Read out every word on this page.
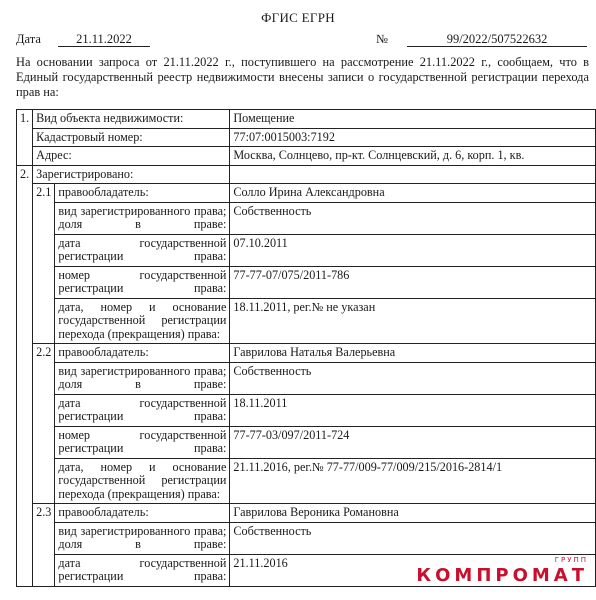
ФГИС ЕГРН
Дата	21.11.2022	№	99/2022/507522632
На основании запроса от 21.11.2022 г., поступившего на рассмотрение 21.11.2022 г., сообщаем, что в Единый государственный реестр недвижимости внесены записи о государственной регистрации перехода прав на:
1.	Вид объекта недвижимости:		Помещение
	Кадастровый номер:		77:07:0015003:7192
	Адрес:		Москва, Солнцево, пр-кт. Солнцевский, д. 6, корп. 1, кв.
2.	Зарегистрировано:		
	2.1	правообладатель:	Солло Ирина Александровна
		вид зарегистрированного права; доля в праве:	Собственность
		дата государственной регистрации права:	07.10.2011
		номер государственной регистрации права:	77-77-07/075/2011-786
		дата, номер и основание государственной регистрации перехода (прекращения) права:	18.11.2011, рег.№ не указан
	2.2	правообладатель:	Гаврилова Наталья Валерьевна
		вид зарегистрированного права; доля в праве:	Собственность
		дата государственной регистрации права:	18.11.2011
		номер государственной регистрации права:	77-77-03/097/2011-724
		дата, номер и основание государственной регистрации перехода (прекращения) права:	21.11.2016, рег.№ 77-77/009-77/009/215/2016-2814/1
	2.3	правообладатель:	Гаврилова Вероника Романовна
		вид зарегистрированного права; доля в праве:	Собственность
		дата государственной регистрации права:	21.11.2016	ГРУПП
КОМПРОМАТ
